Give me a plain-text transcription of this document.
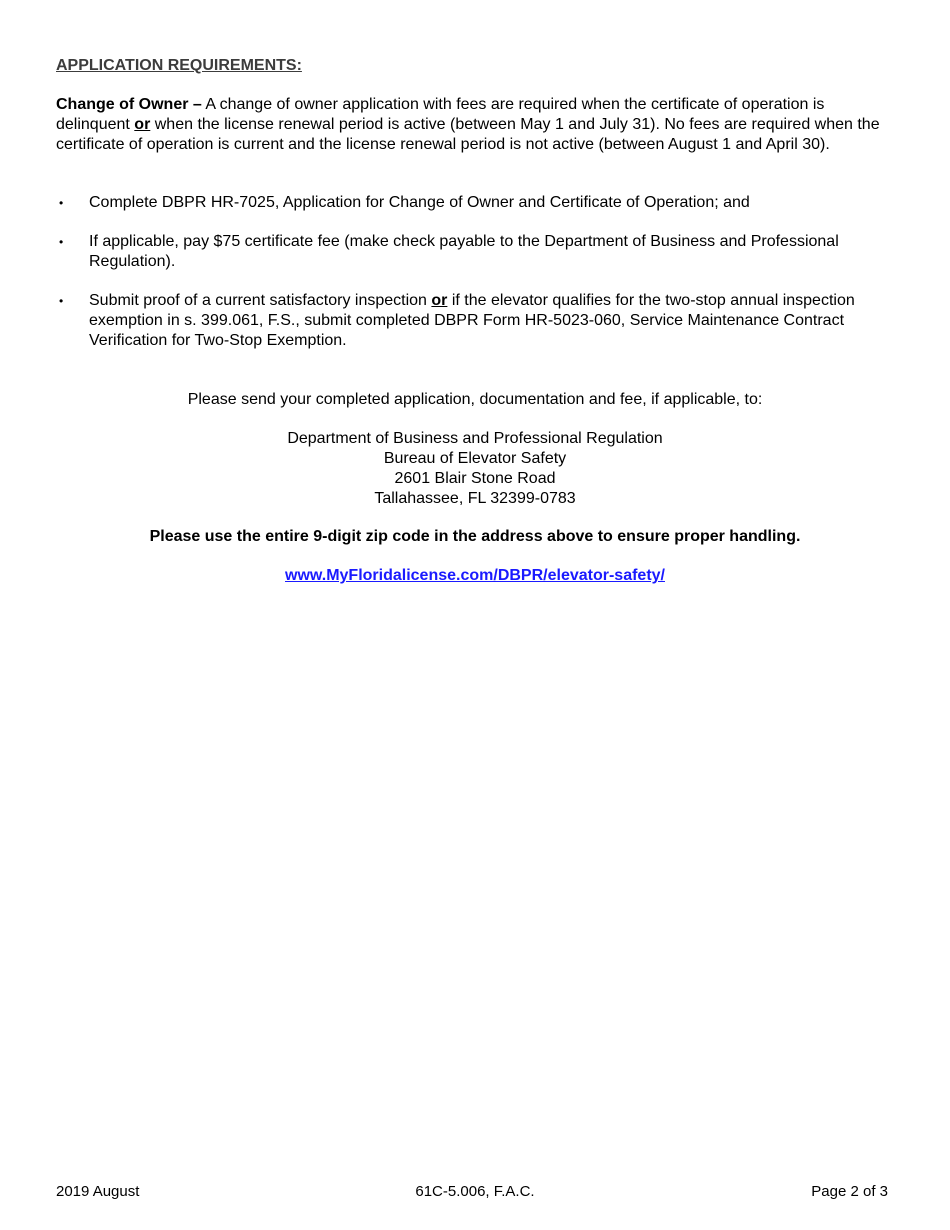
APPLICATION REQUIREMENTS:

Change of Owner – A change of owner application with fees are required when the certificate of operation is delinquent or when the license renewal period is active (between May 1 and July 31). No fees are required when the certificate of operation is current and the license renewal period is not active (between August 1 and April 30).

• Complete DBPR HR-7025, Application for Change of Owner and Certificate of Operation; and
• If applicable, pay $75 certificate fee (make check payable to the Department of Business and Professional Regulation).
• Submit proof of a current satisfactory inspection or if the elevator qualifies for the two-stop annual inspection exemption in s. 399.061, F.S., submit completed DBPR Form HR-5023-060, Service Maintenance Contract Verification for Two-Stop Exemption.
Please send your completed application, documentation and fee, if applicable, to:
Department of Business and Professional Regulation
Bureau of Elevator Safety
2601 Blair Stone Road
Tallahassee, FL 32399-0783
Please use the entire 9-digit zip code in the address above to ensure proper handling.
www.MyFloridalicense.com/DBPR/elevator-safety/
2019 August	61C-5.006, F.A.C.	Page 2 of 3
